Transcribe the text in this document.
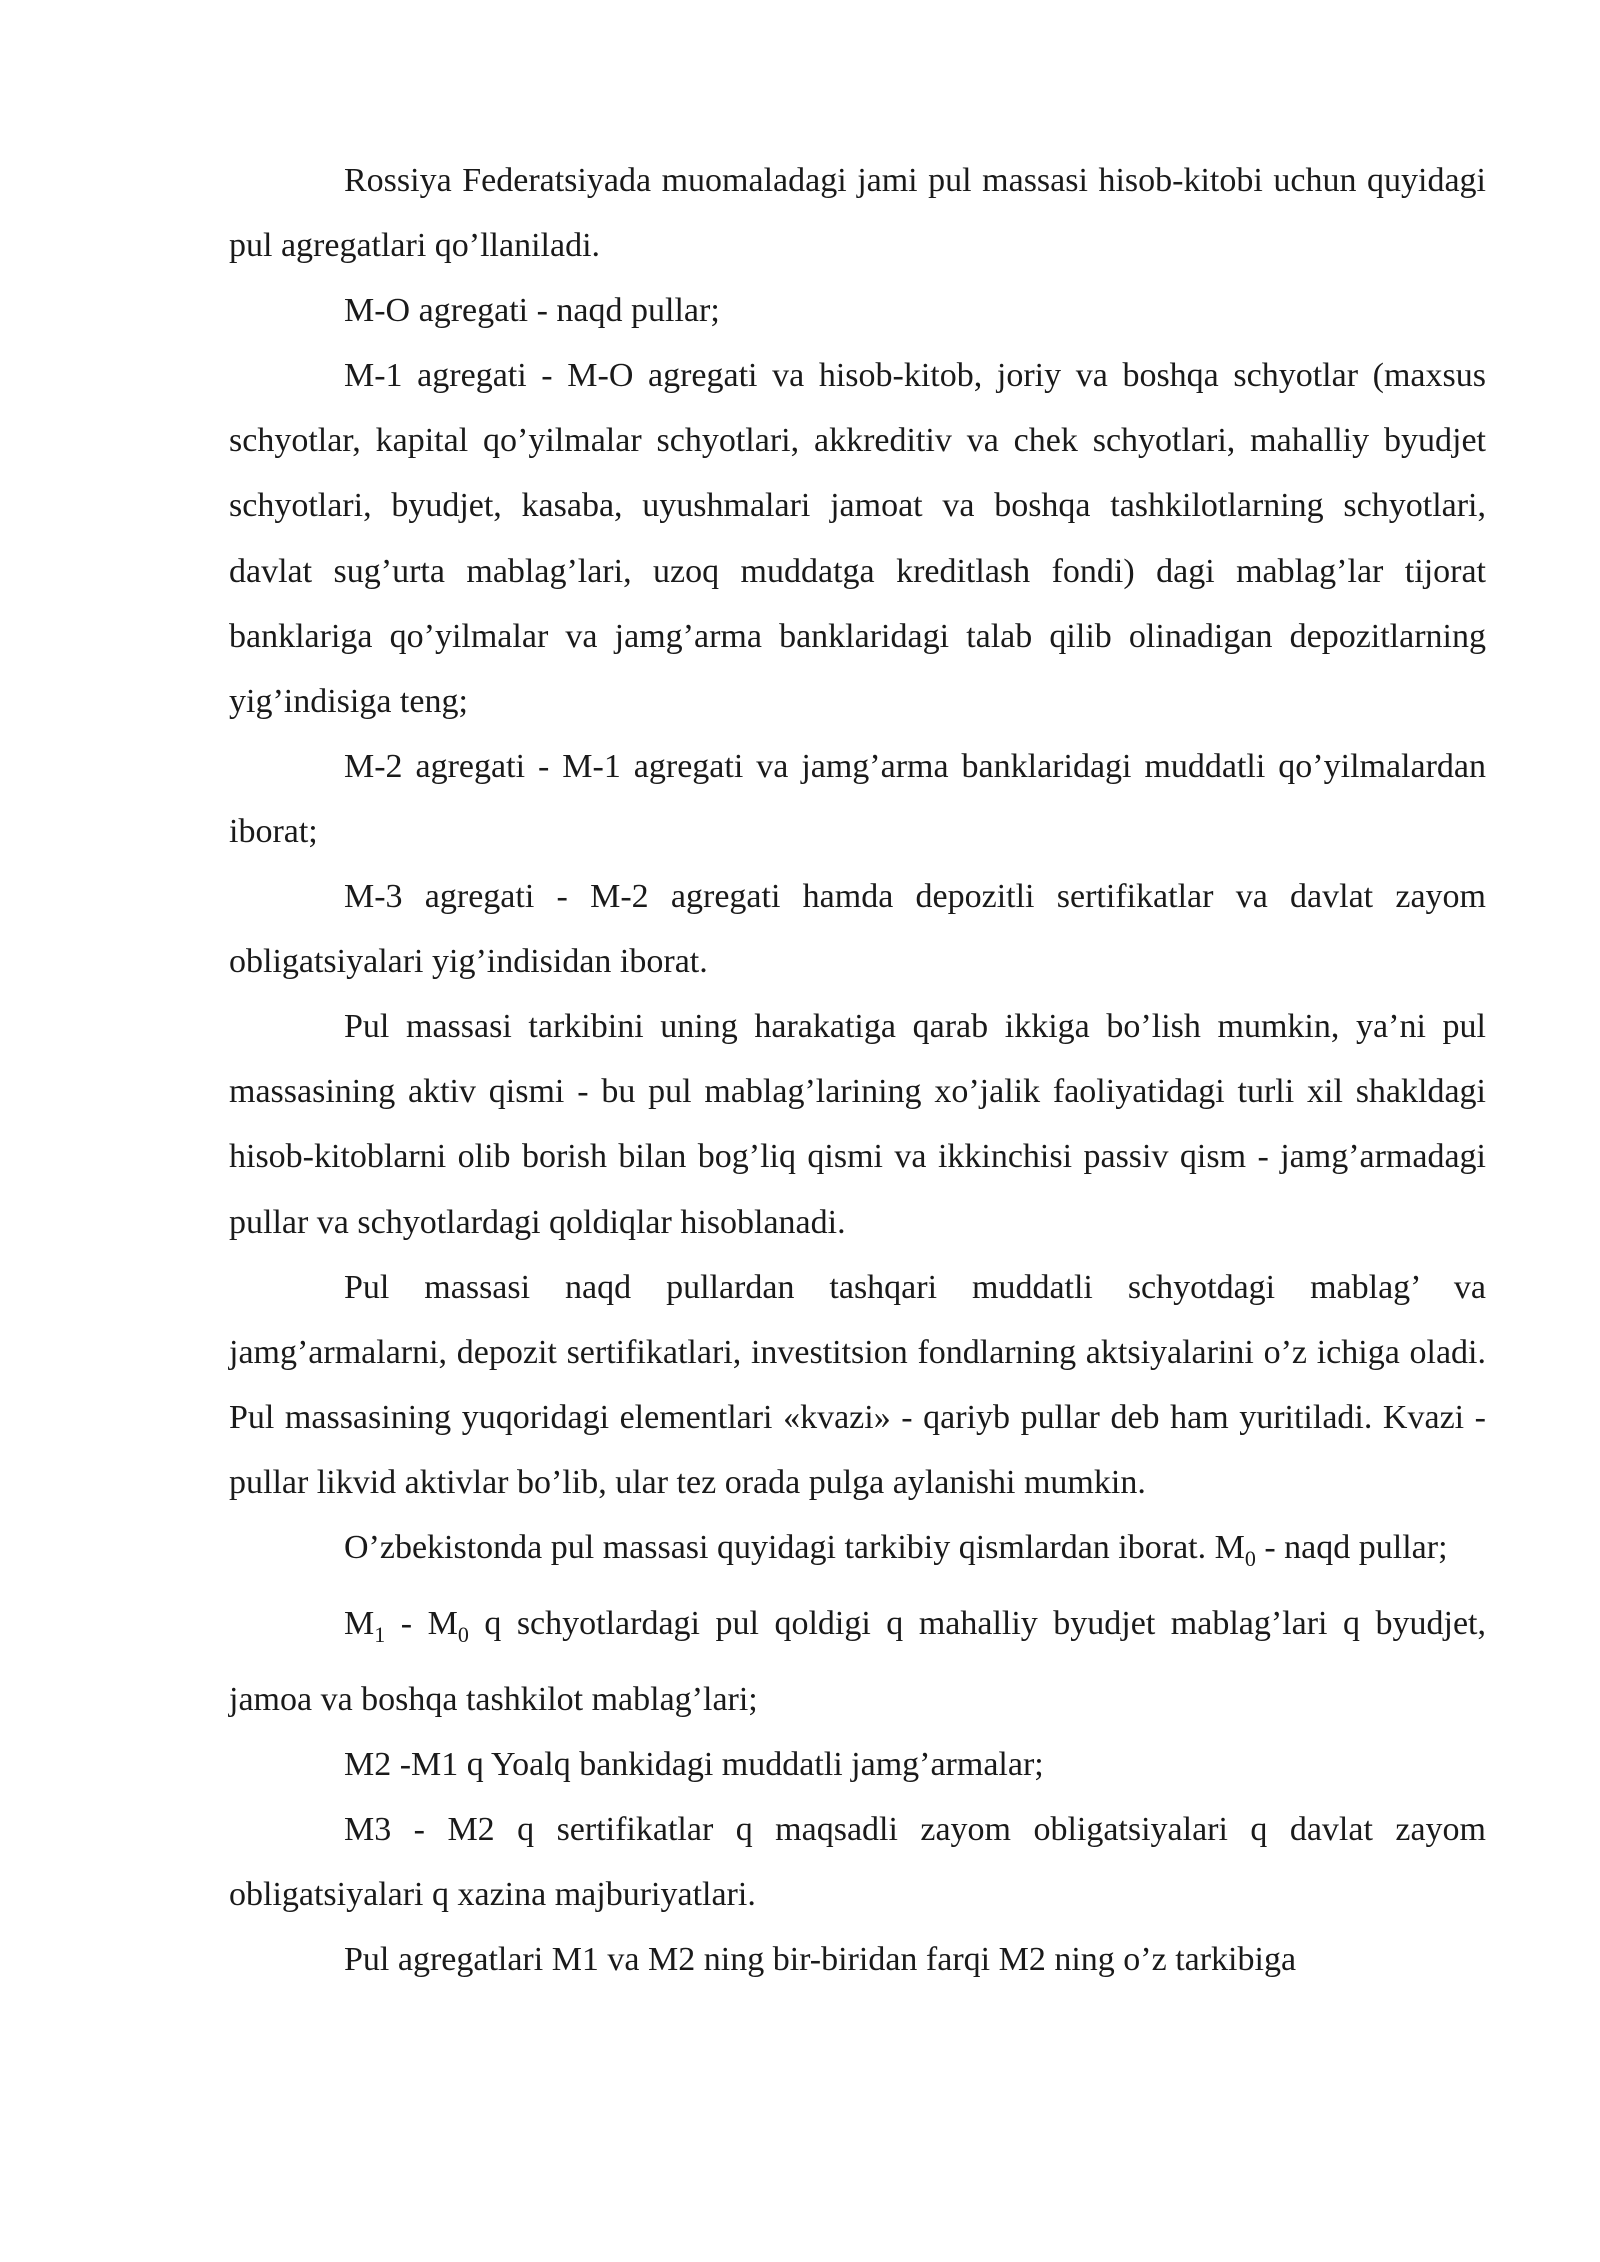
Rossiya Federatsiyada muomaladagi jami pul massasi hisob-kitobi uchun quyidagi pul agregatlari qo’llaniladi.

M-O agregati - naqd pullar;

M-1 agregati - M-O agregati va hisob-kitob, joriy va boshqa schyotlar (maxsus schyotlar, kapital qo’yilmalar schyotlari, akkreditiv va chek schyotlari, mahalliy byudjet schyotlari, byudjet, kasaba, uyushmalari jamoat va boshqa tashkilotlarning schyotlari, davlat sug’urta mablag’lari, uzoq muddatga kreditlash fondi) dagi mablag’lar tijorat banklariga qo’yilmalar va jamg’arma banklaridagi talab qilib olinadigan depozitlarning yig’indisiga teng;

M-2 agregati - M-1 agregati va jamg’arma banklaridagi muddatli qo’yilmalardan iborat;

M-3 agregati - M-2 agregati hamda depozitli sertifikatlar va davlat zayom obligatsiyalari yig’indisidan iborat.

Pul massasi tarkibini uning harakatiga qarab ikkiga bo’lish mumkin, ya’ni pul massasining aktiv qismi - bu pul mablag’larining xo’jalik faoliyatidagi turli xil shakldagi hisob-kitoblarni olib borish bilan bog’liq qismi va ikkinchisi passiv qism - jamg’armadagi pullar va schyotlardagi qoldiqlar hisoblanadi.

Pul massasi naqd pullardan tashqari muddatli schyotdagi mablag’ va jamg’armalarni, depozit sertifikatlari, investitsion fondlarning aktsiyalarini o’z ichiga oladi. Pul massasining yuqoridagi elementlari «kvazi» - qariyb pullar deb ham yuritiladi. Kvazi - pullar likvid aktivlar bo’lib, ular tez orada pulga aylanishi mumkin.

O’zbekistonda pul massasi quyidagi tarkibiy qismlardan iborat. $M_0$ - naqd pullar;

$M_1 - M_0$ q schyotlardagi pul qoldigi q mahalliy byudjet mablag’lari q byudjet, jamoa va boshqa tashkilot mablag’lari;

M2 -M1 q Yoalq bankidagi muddatli jamg’armalar;

M3 - M2 q sertifikatlar q maqsadli zayom obligatsiyalari q davlat zayom obligatsiyalari q xazina majburiyatlari.

Pul agregatlari M1 va M2 ning bir-biridan farqi M2 ning o’z tarkibiga
